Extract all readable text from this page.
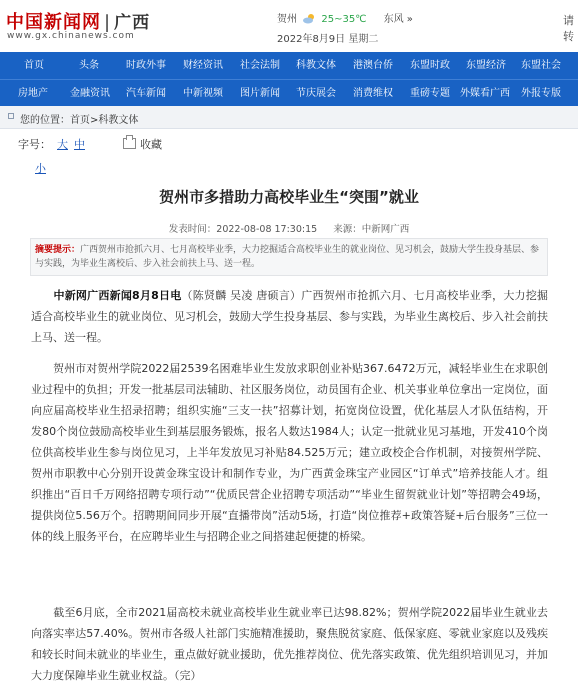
中国新闻网 | 广西
www.gx.chinanews.com
贺州 25~35℃ 东风 »
2022年8月9日 星期二
请转
首页	头条	时政外事 财经资讯 社会法制 科教文体 港澳台侨 东盟时政 东盟经济 东盟社会
房地产 金融资讯 汽车新闻 中新视频 图片新闻 节庆展会 消费维权 重磅专题 外媒看广西 外报专版
您的位置：首页>科教文体
字号： 大 中	收藏
小
贺州市多措助力高校毕业生“突围”就业
发表时间：2022-08-08 17:30:15 来源：中新网广西
摘要提示：广西贺州市抢抓六月、七月高校毕业季，大力挖掘适合高校毕业生的就业岗位、见习机会，鼓励大学生投身基层、参与实践，为毕业生离校后、步入社会前扶上马、送一程。

　　中新网广西新闻8月8日电（陈贤麟 吴凌 唐硕言）广西贺州市抢抓六月、七月高校毕业季，大力挖掘适合高校毕业生的就业岗位、见习机会，鼓励大学生投身基层、参与实践，为毕业生离校后、步入社会前扶上马、送一程。

　　贺州市对贺州学院2022届2539名困难毕业生发放求职创业补贴367.6472万元，减轻毕业生在求职创业过程中的负担；开发一批基层司法辅助、社区服务岗位，动员国有企业、机关事业单位拿出一定岗位，面向应届高校毕业生招录招聘；组织实施“三支一扶”招募计划，拓宽岗位设置，优化基层人才队伍结构，开发80个岗位鼓励高校毕业生到基层服务锻炼，报名人数达1984人；认定一批就业见习基地，开发410个岗位供高校毕业生参与岗位见习，上半年发放见习补贴84.525万元；建立政校企合作机制，对接贺州学院、贺州市职教中心分别开设黄金珠宝设计和制作专业，为广西黄金珠宝产业园区“订单式”培养技能人才。组织推出“百日千万网络招聘专项行动”“优质民营企业招聘专项活动”“毕业生留贺就业计划”等招聘会49场，提供岗位5.56万个。招聘期间同步开展“直播带岗”活动5场，打造“岗位推荐+政策答疑+后台服务”三位一体的线上服务平台，在应聘毕业生与招聘企业之间搭建起便捷的桥梁。

　　截至6月底，全市2021届高校未就业高校毕业生就业率已达98.82%；贺州学院2022届毕业生就业去向落实率达57.40%。贺州市各级人社部门实施精准援助，聚焦脱贫家庭、低保家庭、零就业家庭以及残疾和较长时间未就业的毕业生，重点做好就业援助，优先推荐岗位、优先落实政策、优先组织培训见习，并加大力度保障毕业生就业权益。（完）
